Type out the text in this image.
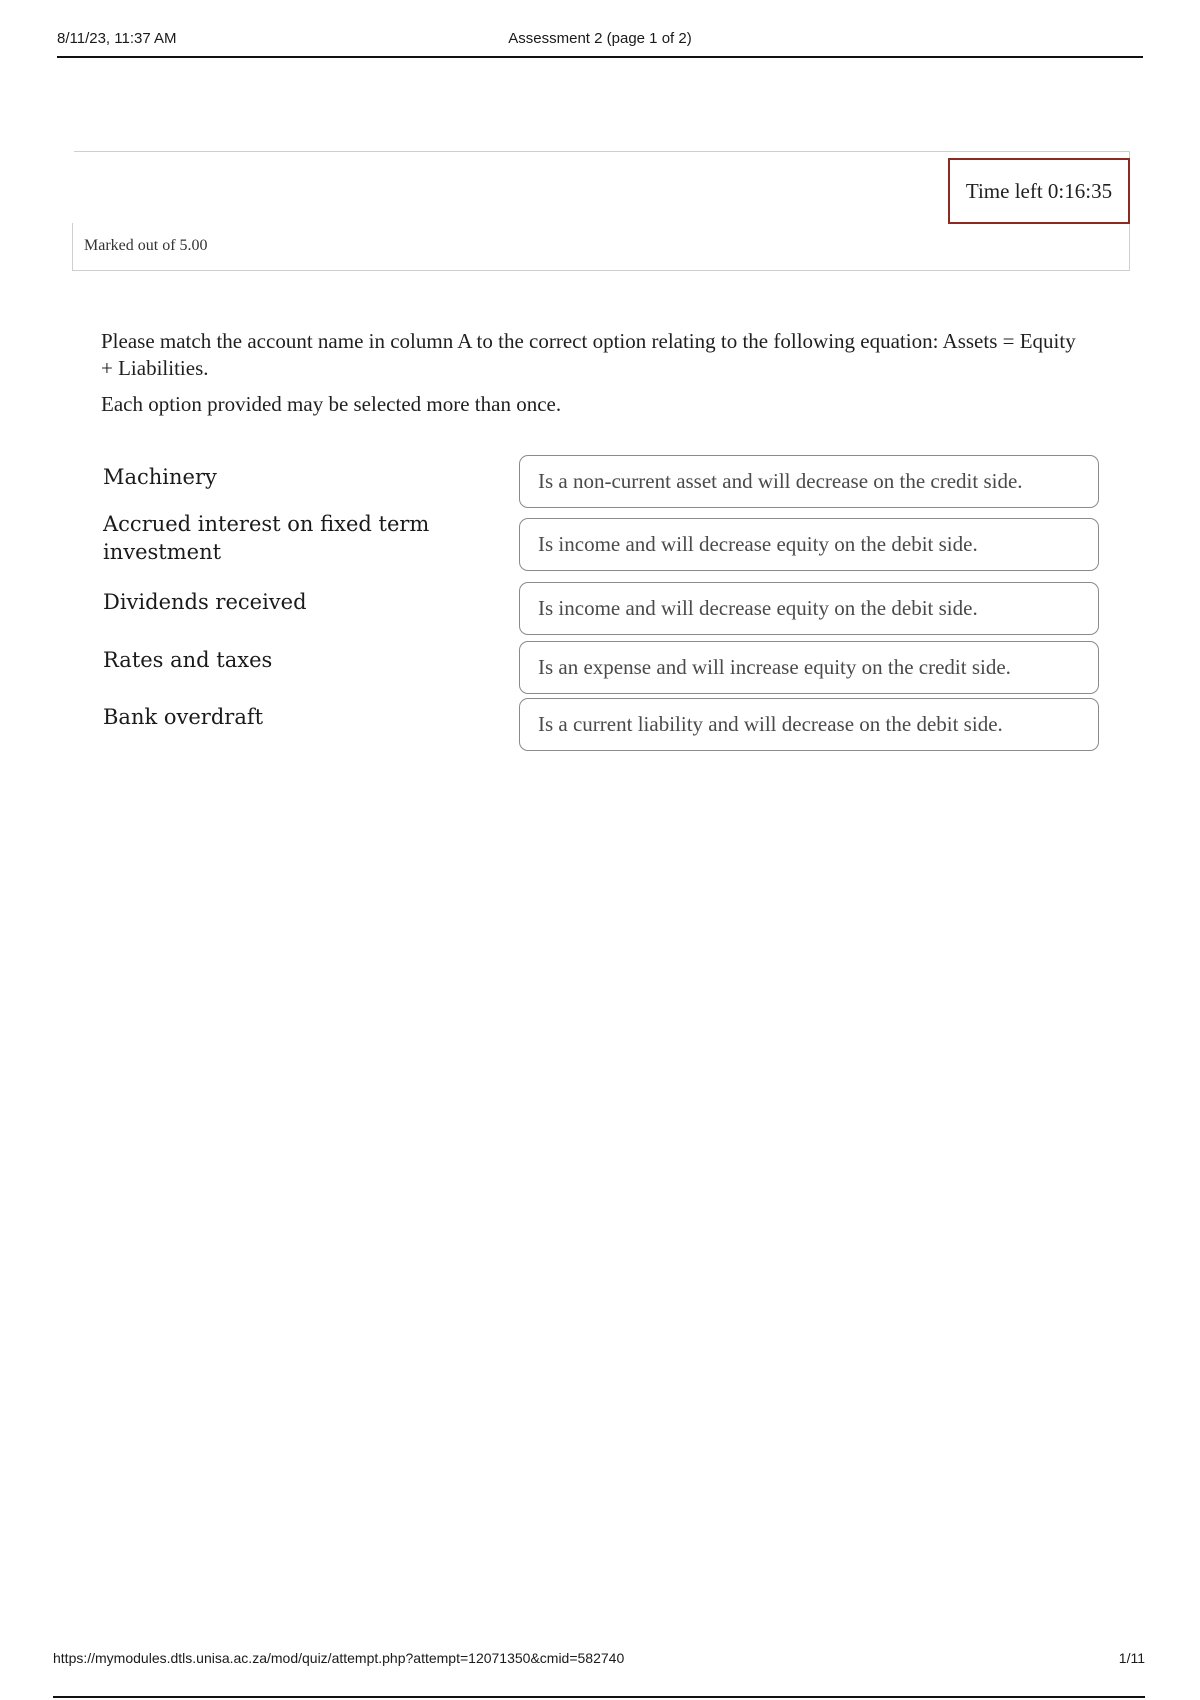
8/11/23, 11:37 AM	Assessment 2 (page 1 of 2)
Marked out of 5.00
Time left 0:16:35

Please match the account name in column A to the correct option relating to the following equation: Assets = Equity + Liabilities.

Each option provided may be selected more than once.

Machinery	Is a non-current asset and will decrease on the credit side.
Accrued interest on fixed term investment	Is income and will decrease equity on the debit side.
Dividends received	Is income and will decrease equity on the debit side.
Rates and taxes	Is an expense and will increase equity on the credit side.
Bank overdraft	Is a current liability and will decrease on the debit side.
https://mymodules.dtls.unisa.ac.za/mod/quiz/attempt.php?attempt=12071350&cmid=582740	1/11
